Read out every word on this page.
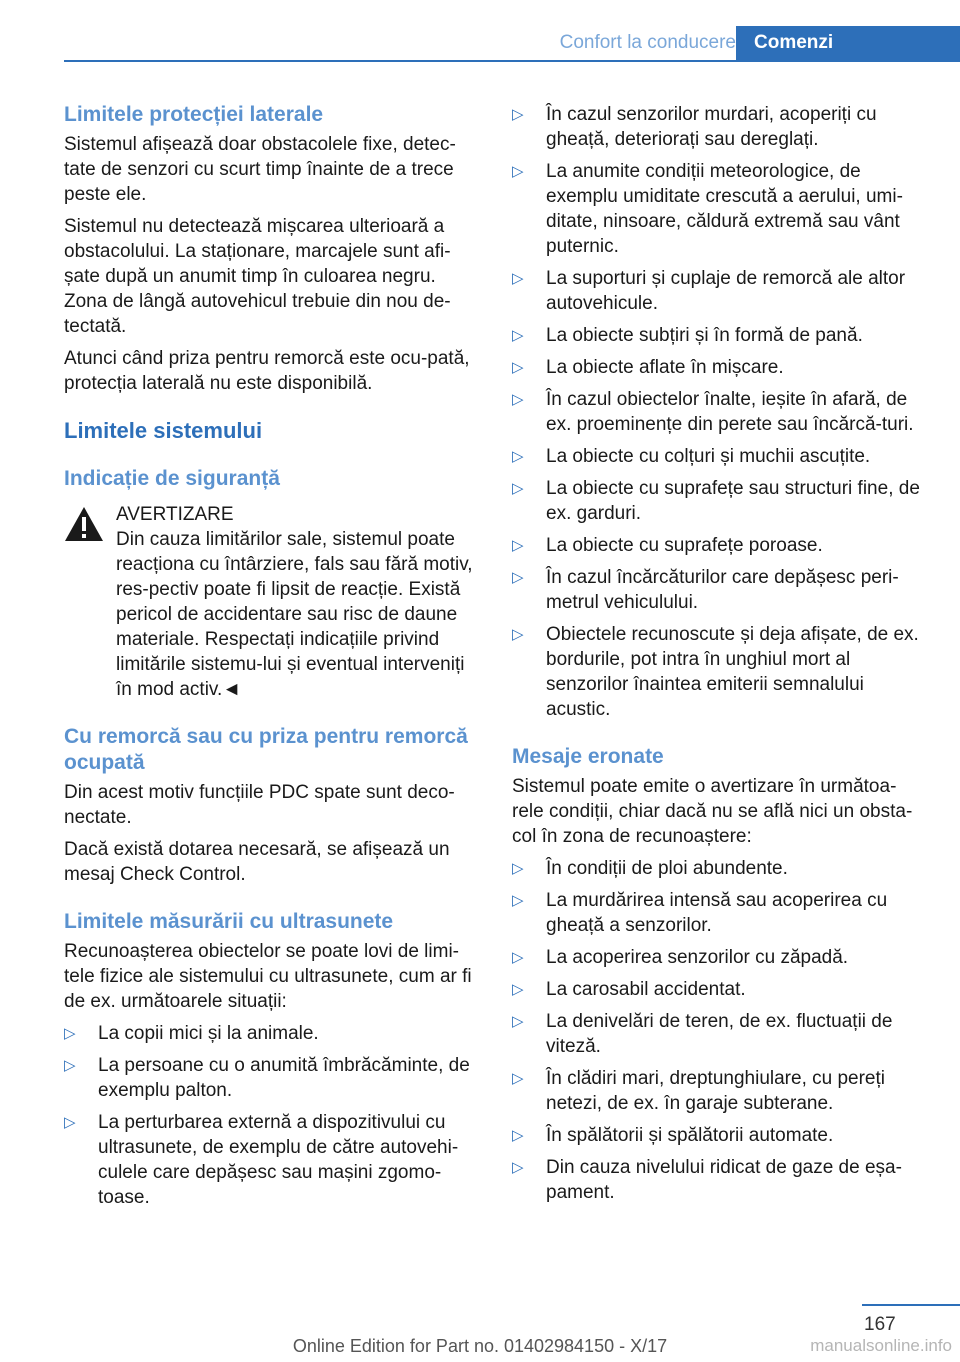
Confort la conducere Comenzi
Limitele protecției laterale

Sistemul afișează doar obstacolele fixe, detec-tate de senzori cu scurt timp înainte de a trece peste ele.

Sistemul nu detectează mișcarea ulterioară a obstacolului. La staționare, marcajele sunt afi-șate după un anumit timp în culoarea negru. Zona de lângă autovehicul trebuie din nou de-tectată.

Atunci când priza pentru remorcă este ocu-pată, protecția laterală nu este disponibilă.

Limitele sistemului
Indicație de siguranță
AVERTIZARE

Din cauza limitărilor sale, sistemul poate reacționa cu întârziere, fals sau fără motiv, res-pectiv poate fi lipsit de reacție. Există pericol de accidentare sau risc de daune materiale. Respectați indicațiile privind limitările sistemu-lui și eventual interveniți în mod activ.◄

Cu remorcă sau cu priza pentru remorcă ocupată

Din acest motiv funcțiile PDC spate sunt deco-nectate.

Dacă există dotarea necesară, se afișează un mesaj Check Control.

Limitele măsurării cu ultrasunete

Recunoașterea obiectelor se poate lovi de limi-tele fizice ale sistemului cu ultrasunete, cum ar fi de ex. următoarele situații:

▷ La copii mici și la animale.
▷ La persoane cu o anumită îmbrăcăminte, de exemplu palton.
▷ La perturbarea externă a dispozitivului cu ultrasunete, de exemplu de către autovehi-culele care depășesc sau mașini zgomo-toase.
▷ În cazul senzorilor murdari, acoperiți cu gheață, deteriorați sau dereglați.
▷ La anumite condiții meteorologice, de exemplu umiditate crescută a aerului, umi-ditate, ninsoare, căldură extremă sau vânt puternic.
▷ La suporturi și cuplaje de remorcă ale altor autovehicule.
▷ La obiecte subțiri și în formă de pană.
▷ La obiecte aflate în mișcare.
▷ În cazul obiectelor înalte, ieșite în afară, de ex. proeminențe din perete sau încărcă-turi.
▷ La obiecte cu colțuri și muchii ascuțite.
▷ La obiecte cu suprafețe sau structuri fine, de ex. garduri.
▷ La obiecte cu suprafețe poroase.
▷ În cazul încărcăturilor care depășesc peri-metrul vehiculului.
▷ Obiectele recunoscute și deja afișate, de ex. bordurile, pot intra în unghiul mort al senzorilor înaintea emiterii semnalului acustic.
Mesaje eronate

Sistemul poate emite o avertizare în următoa-rele condiții, chiar dacă nu se află nici un obsta-col în zona de recunoaștere:

▷ În condiții de ploi abundente.
▷ La murdărirea intensă sau acoperirea cu gheață a senzorilor.
▷ La acoperirea senzorilor cu zăpadă.
▷ La carosabil accidentat.
▷ La denivelări de teren, de ex. fluctuații de viteză.
▷ În clădiri mari, dreptunghiulare, cu pereți netezi, de ex. în garaje subterane.
▷ În spălătorii și spălătorii automate.
▷ Din cauza nivelului ridicat de gaze de eșa-pament.
167
Online Edition for Part no. 01402984150 - X/17	manualsonline.info
